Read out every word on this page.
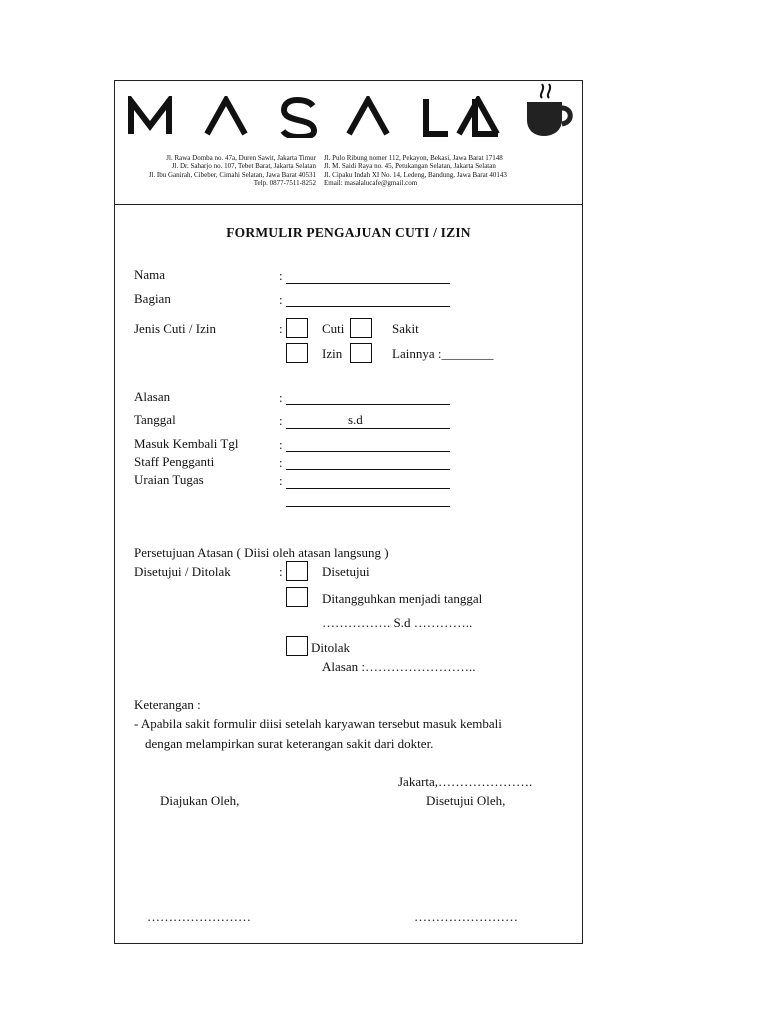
Jl. Rawa Domba no. 47a, Duren Sawit, Jakarta Timur
Jl. Dr. Saharjo no. 107, Tebet Barat, Jakarta Selatan
Jl. Ibu Ganirah, Cibeber, Cimahi Selatan, Jawa Barat 40531
Telp. 0877-7511-8252
Jl. Pulo Ribung nomer 112, Pekayon, Bekasi, Jawa Barat 17148
Jl. M. Saidi Raya no. 45, Petukangan Selatan, Jakarta Selatan
Jl. Cipaku Indah XI No. 14, Ledeng, Bandung, Jawa Barat 40143
Email: masalalucafe@gmail.com
FORMULIR PENGAJUAN CUTI / IZIN
Nama	:
Bagian	:
Jenis Cuti / Izin	:	Cuti	Sakit
Izin	Lainnya :________
Alasan	:
Tanggal	:	s.d
Masuk Kembali Tgl	:
Staff Pengganti	:
Uraian Tugas	:
Persetujuan Atasan ( Diisi oleh atasan langsung )
Disetujui / Ditolak	:	Disetujui
Ditangguhkan menjadi tanggal
……………. S.d …………..
Ditolak
Alasan :……………………..
Keterangan :
- Apabila sakit formulir diisi setelah karyawan tersebut masuk kembali
dengan melampirkan surat keterangan sakit dari dokter.
Jakarta,………………….
Diajukan Oleh,	Disetujui Oleh,
……………………	……………………
